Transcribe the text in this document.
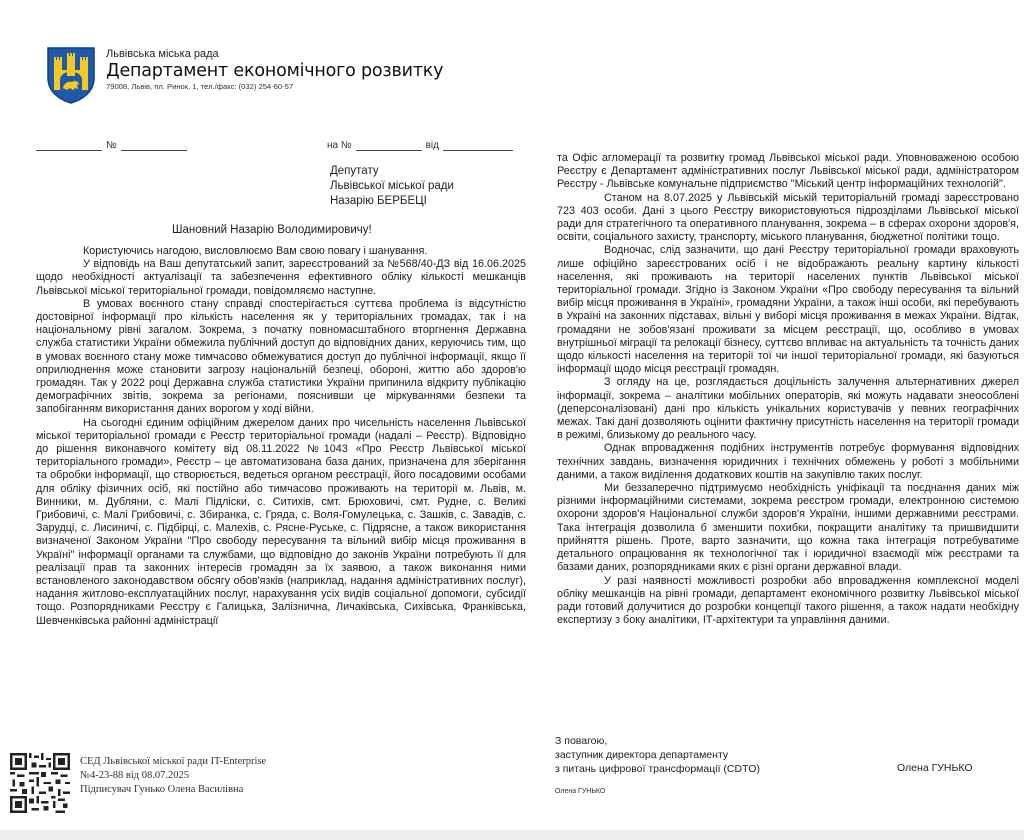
Львівська міська рада
Департамент економічного розвитку
79008, Львів, пл. Ринок, 1, тел./факс: (032) 254-60-57
№	на №	від
Депутату
Львівської міської ради
Назарію БЕРБЕЦІ
Шановний Назарію Володимировичу!

Користуючись нагодою, висловлюємо Вам свою повагу і шанування.

У відповідь на Ваш депутатський запит, зареєстрований за №568/40-ДЗ від 16.06.2025 щодо необхідності актуалізації та забезпечення ефективного обліку кількості мешканців Львівської міської територіальної громади, повідомляємо наступне.

В умовах воєнного стану справді спостерігається суттєва проблема із відсутністю достовірної інформації про кількість населення як у територіальних громадах, так і на національному рівні загалом. Зокрема, з початку повномасштабного вторгнення Державна служба статистики України обмежила публічний доступ до відповідних даних, керуючись тим, що в умовах воєнного стану може тимчасово обмежуватися доступ до публічної інформації, якщо її оприлюднення може становити загрозу національній безпеці, обороні, життю або здоров'ю громадян. Так у 2022 році Державна служба статистики України припинила відкриту публікацію демографічних звітів, зокрема за регіонами, пояснивши це міркуваннями безпеки та запобіганням використання даних ворогом у ході війни.

На сьогодні єдиним офіційним джерелом даних про чисельність населення Львівської міської територіальної громади є Реєстр територіальної громади (надалі – Реєстр). Відповідно до рішення виконавчого комітету від 08.11.2022 №1043 «Про Реєстр Львівської міської територіального громади», Реєстр – це автоматизована база даних, призначена для зберігання та обробки інформації, що створюється, ведеться органом реєстрації, його посадовими особами для обліку фізичних осіб, які постійно або тимчасово проживають на території м. Львів, м. Винники, м. Дубляни, с. Малі Підліски, с. Ситихів, смт. Брюховичі, смт. Рудне, с. Великі Грибовичі, с. Малі Грибовичі, с. Збиранка, с. Гряда, с. Воля-Гомулецька, с. Зашків, с. Завадів, с. Зарудці, с. Лисиничі, с. Підбірці, с. Малехів, с. Рясне-Руське, с. Підрясне, а також використання визначеної Законом України "Про свободу пересування та вільний вибір місця проживання в Україні" інформації органами та службами, що відповідно до законів України потребують її для реалізації прав та законних інтересів громадян за їх заявою, а також виконання ними встановленого законодавством обсягу обов'язків (наприклад, надання адміністративних послуг), надання житлово-експлуатаційних послуг, нарахування усіх видів соціальної допомоги, субсидії тощо. Розпорядниками Реєстру є Галицька, Залізнична, Личаківська, Сихівська, Франківська, Шевченківська районні адміністрації

та Офіс агломерації та розвитку громад Львівської міської ради. Уповноваженою особою Реєстру є Департамент адміністративних послуг Львівської міської ради, адміністратором Реєстру - Львівське комунальне підприємство "Міський центр інформаційних технологій".

Станом на 8.07.2025 у Львівській міській територіальній громаді зареєстровано 723 403 особи. Дані з цього Реєстру використовуються підрозділами Львівської міської ради для стратегічного та оперативного планування, зокрема – в сферах охорони здоров'я, освіти, соціального захисту, транспорту, міського планування, бюджетної політики тощо.

Водночас, слід зазначити, що дані Реєстру територіальної громади враховують лише офіційно зареєстрованих осіб і не відображають реальну картину кількості населення, які проживають на території населених пунктів Львівської міської територіальної громади. Згідно із Законом України «Про свободу пересування та вільний вибір місця проживання в Україні», громадяни України, а також інші особи, які перебувають в Україні на законних підставах, вільні у виборі місця проживання в межах України. Відтак, громадяни не зобов'язані проживати за місцем реєстрації, що, особливо в умовах внутрішньої міграції та релокації бізнесу, суттєво впливає на актуальність та точність даних щодо кількості населення на території тої чи іншої територіальної громади, які базуються інформації щодо місця реєстрації громадян.

З огляду на це, розглядається доцільність залучення альтернативних джерел інформації, зокрема – аналітики мобільних операторів, які можуть надавати знеособлені (деперсоналізовані) дані про кількість унікальних користувачів у певних географічних межах. Такі дані дозволяють оцінити фактичну присутність населення на території громади в режимі, близькому до реального часу.

Однак впровадження подібних інструментів потребує формування відповідних технічних завдань, визначення юридичних і технічних обмежень у роботі з мобільними даними, а також виділення додаткових коштів на закупівлю таких послуг.

Ми беззаперечно підтримуємо необхідність уніфікації та поєднання даних між різними інформаційними системами, зокрема реєстром громади, електронною системою охорони здоров'я Національної служби здоров'я України, іншими державними реєстрами. Така інтеграція дозволила б зменшити похибки, покращити аналітику та пришвидшити прийняття рішень. Проте, варто зазначити, що кожна така інтеграція потребуватиме детального опрацювання як технологічної так і юридичної взаємодії між реєстрами та базами даних, розпорядниками яких є різні органи державної влади.

У разі наявності можливості розробки або впровадження комплексної моделі обліку мешканців на рівні громади, департамент економічного розвитку Львівської міської ради готовий долучитися до розробки концепції такого рішення, а також надати необхідну експертизу з боку аналітики, ІТ-архітектури та управління даними.

СЕД Львівської міської ради IT-Enterprise
№4-23-88 від 08.07.2025
Підписувач Гунько Олена Василівна
З повагою,
заступник директора департаменту
з питань цифрової трансформації (CDTO)	Олена ГУНЬКО
Олена ГУНЬКО
